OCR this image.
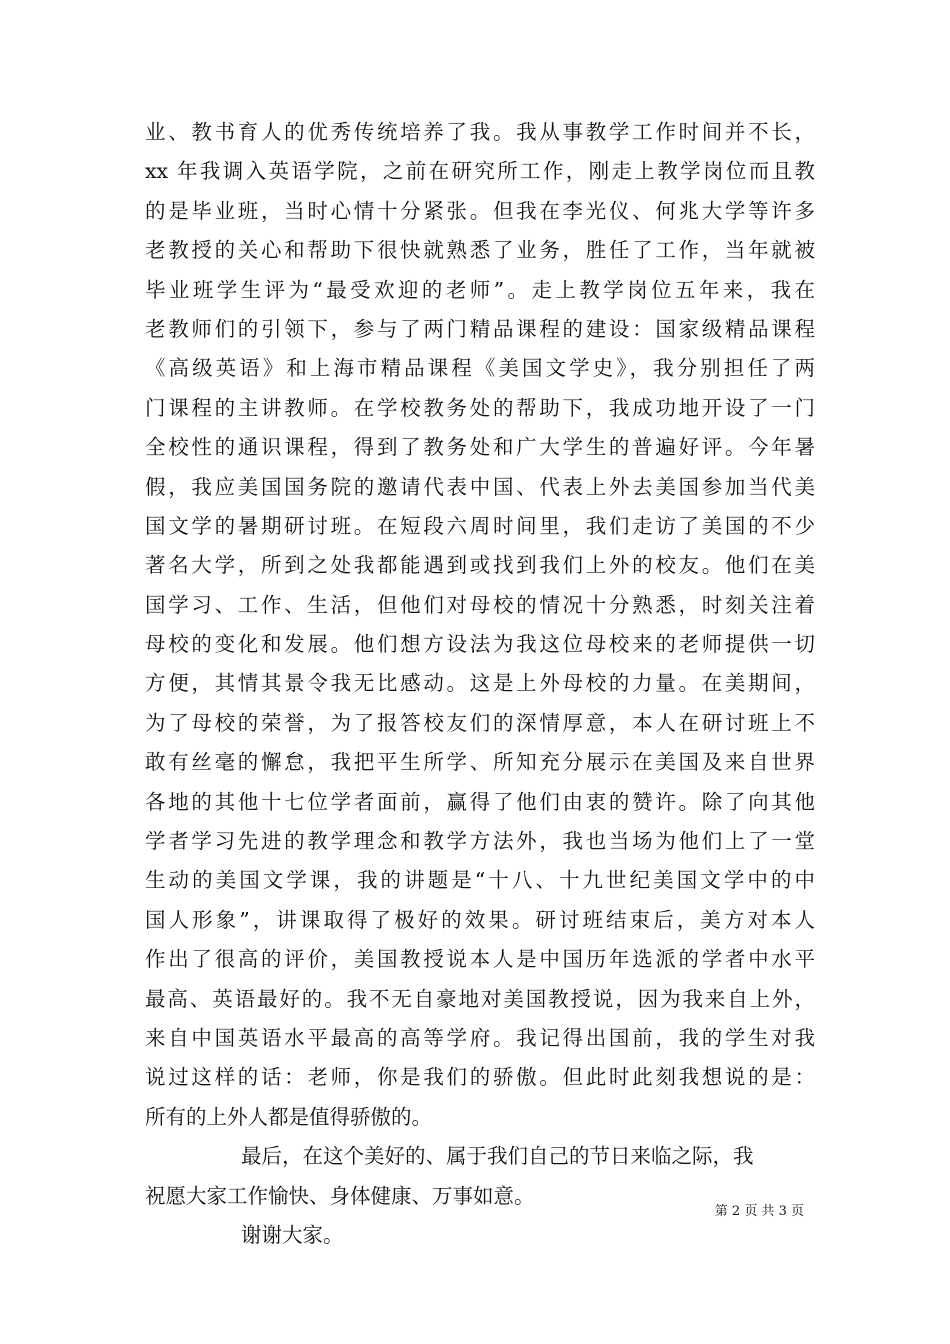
业、教书育人的优秀传统培养了我。我从事教学工作时间并不长，
xx 年我调入英语学院，之前在研究所工作，刚走上教学岗位而且教
的是毕业班，当时心情十分紧张。但我在李光仪、何兆大学等许多
老教授的关心和帮助下很快就熟悉了业务，胜任了工作，当年就被
毕业班学生评为“最受欢迎的老师”。走上教学岗位五年来，我在
老教师们的引领下，参与了两门精品课程的建设：国家级精品课程
《高级英语》和上海市精品课程《美国文学史》，我分别担任了两
门课程的主讲教师。在学校教务处的帮助下，我成功地开设了一门
全校性的通识课程，得到了教务处和广大学生的普遍好评。今年暑
假，我应美国国务院的邀请代表中国、代表上外去美国参加当代美
国文学的暑期研讨班。在短段六周时间里，我们走访了美国的不少
著名大学，所到之处我都能遇到或找到我们上外的校友。他们在美
国学习、工作、生活，但他们对母校的情况十分熟悉，时刻关注着
母校的变化和发展。他们想方设法为我这位母校来的老师提供一切
方便，其情其景令我无比感动。这是上外母校的力量。在美期间，
为了母校的荣誉，为了报答校友们的深情厚意，本人在研讨班上不
敢有丝毫的懈怠，我把平生所学、所知充分展示在美国及来自世界
各地的其他十七位学者面前，赢得了他们由衷的赞许。除了向其他
学者学习先进的教学理念和教学方法外，我也当场为他们上了一堂
生动的美国文学课，我的讲题是“十八、十九世纪美国文学中的中
国人形象”，讲课取得了极好的效果。研讨班结束后，美方对本人
作出了很高的评价，美国教授说本人是中国历年选派的学者中水平
最高、英语最好的。我不无自豪地对美国教授说，因为我来自上外，
来自中国英语水平最高的高等学府。我记得出国前，我的学生对我
说过这样的话：老师，你是我们的骄傲。但此时此刻我想说的是：
所有的上外人都是值得骄傲的。
最后，在这个美好的、属于我们自己的节日来临之际，我
祝愿大家工作愉快、身体健康、万事如意。
谢谢大家。
第 2 页 共 3 页
